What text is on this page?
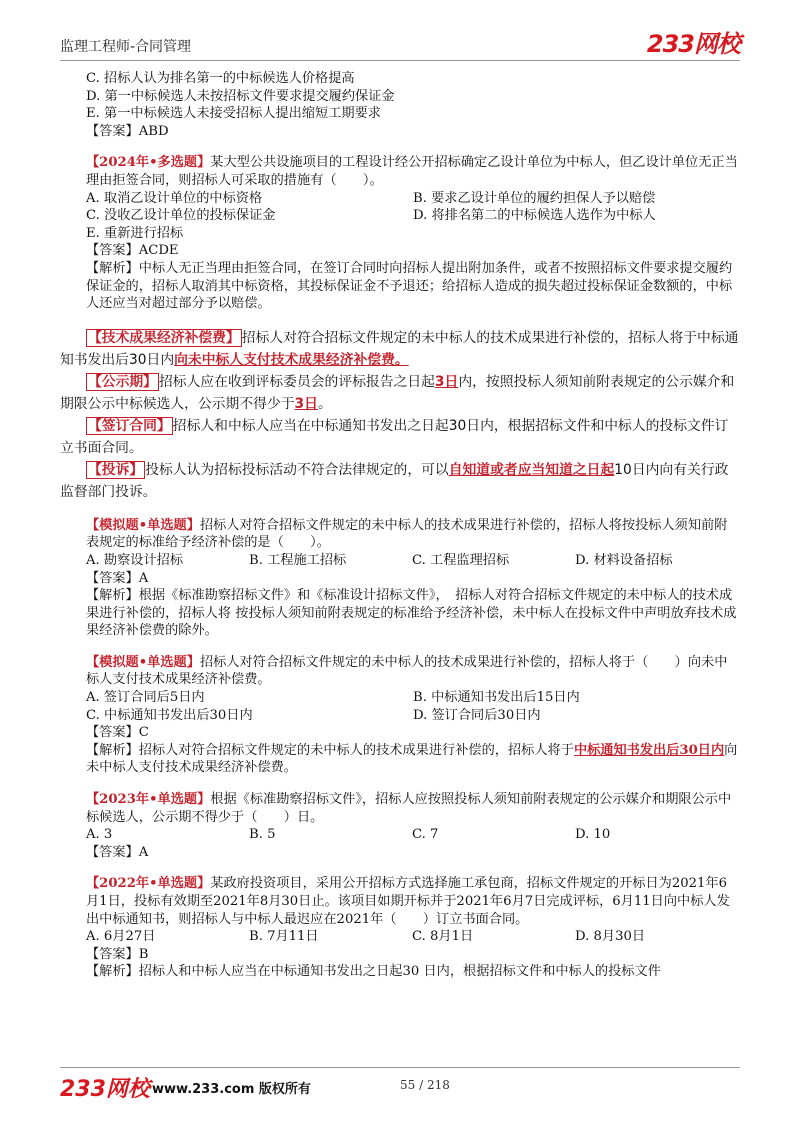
监理工程师-合同管理	233网校

C. 招标人认为排名第一的中标候选人价格提高

D. 第一中标候选人未按招标文件要求提交履约保证金

E. 第一中标候选人未接受招标人提出缩短工期要求

【答案】ABD

【2024年•多选题】某大型公共设施项目的工程设计经公开招标确定乙设计单位为中标人，但乙设计单位无正当理由拒签合同，则招标人可采取的措施有（　　）。

A. 取消乙设计单位的中标资格	B. 要求乙设计单位的履约担保人予以赔偿
C. 没收乙设计单位的投标保证金	D. 将排名第二的中标候选人选作为中标人
E. 重新进行招标

【答案】ACDE

【解析】中标人无正当理由拒签合同，在签订合同时向招标人提出附加条件，或者不按照招标文件要求提交履约保证金的，招标人取消其中标资格，其投标保证金不予退还；给招标人造成的损失超过投标保证金数额的，中标人还应当对超过部分予以赔偿。

【技术成果经济补偿费】 招标人对符合招标文件规定的未中标人的技术成果进行补偿的，招标人将于中标通知书发出后30日内向未中标人支付技术成果经济补偿费。

【公示期】 招标人应在收到评标委员会的评标报告之日起3日内，按照投标人须知前附表规定的公示媒介和期限公示中标候选人，公示期不得少于3日。

【签订合同】 招标人和中标人应当在中标通知书发出之日起30日内，根据招标文件和中标人的投标文件订立书面合同。

【投诉】 投标人认为招标投标活动不符合法律规定的，可以自知道或者应当知道之日起10日内向有关行政监督部门投诉。

【模拟题•单选题】招标人对符合招标文件规定的未中标人的技术成果进行补偿的，招标人将按投标人须知前附表规定的标准给予经济补偿的是（　　）。

A. 勘察设计招标	B. 工程施工招标	C. 工程监理招标	D. 材料设备招标

【答案】A

【解析】根据《标准勘察招标文件》和《标准设计招标文件》，　招标人对符合招标文件规定的未中标人的技术成果进行补偿的，招标人将 按投标人须知前附表规定的标准给予经济补偿，未中标人在投标文件中声明放弃技术成果经济补偿费的除外。

【模拟题•单选题】招标人对符合招标文件规定的未中标人的技术成果进行补偿的，招标人将于（　　）向未中标人支付技术成果经济补偿费。

A. 签订合同后5日内	B. 中标通知书发出后15日内
C. 中标通知书发出后30日内	D. 签订合同后30日内

【答案】C

【解析】招标人对符合招标文件规定的未中标人的技术成果进行补偿的，招标人将于中标通知书发出后30日内向未中标人支付技术成果经济补偿费。

【2023年•单选题】根据《标准勘察招标文件》，招标人应按照投标人须知前附表规定的公示媒介和期限公示中标候选人，公示期不得少于（　　）日。

A. 3	B. 5	C. 7	D. 10

【答案】A

【2022年•单选题】某政府投资项目，采用公开招标方式选择施工承包商，招标文件规定的开标日为2021年6月1日，投标有效期至2021年8月30日止。该项目如期开标并于2021年6月7日完成评标，6月11日向中标人发出中标通知书，则招标人与中标人最迟应在2021年（　　）订立书面合同。

A. 6月27日	B. 7月11日	C. 8月1日	D. 8月30日

【答案】B

【解析】招标人和中标人应当在中标通知书发出之日起30 日内，根据招标文件和中标人的投标文件

233网校 www.233.com 版权所有	55 / 218
